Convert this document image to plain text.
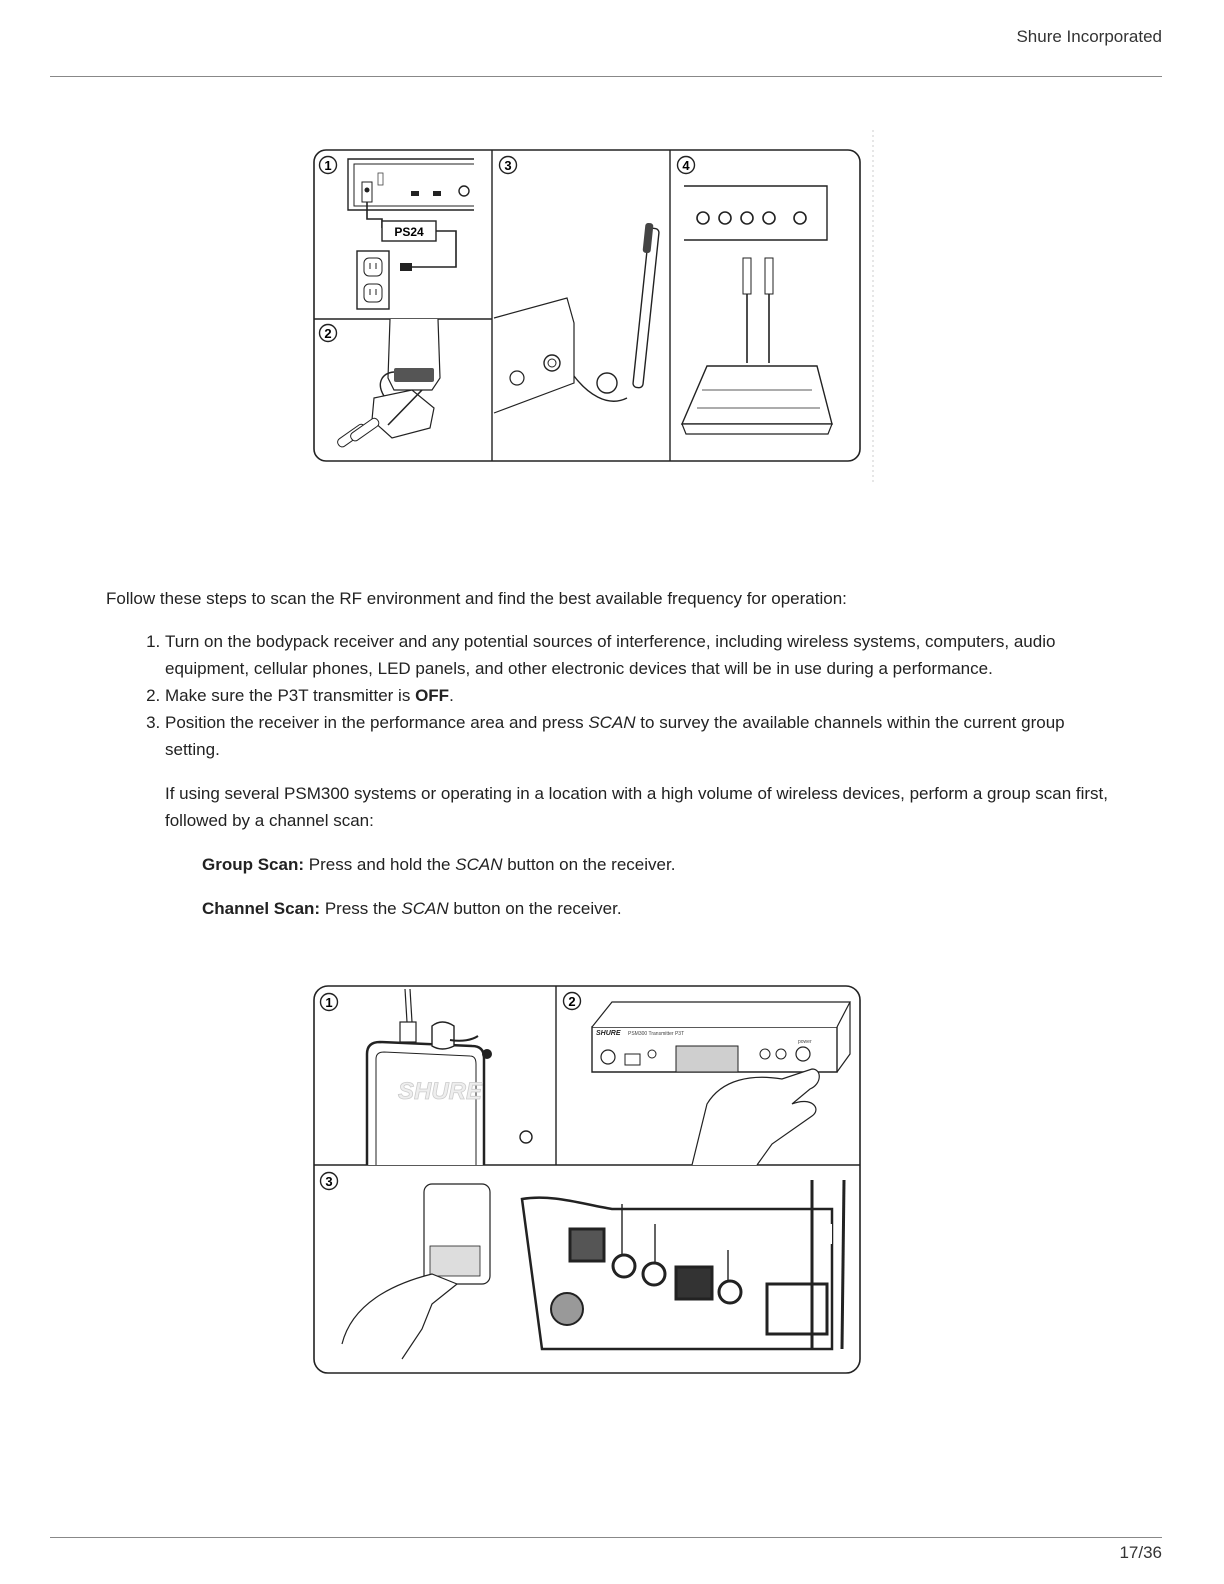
Shure Incorporated
1
PS24
2
3	4

Follow these steps to scan the RF environment and find the best available frequency for operation:

1. Turn on the bodypack receiver and any potential sources of interference, including wireless systems, computers, audio equipment, cellular phones, LED panels, and other electronic devices that will be in use during a performance.
2. Make sure the P3T transmitter is OFF.
3. Position the receiver in the performance area and press SCAN to survey the available channels within the current group setting.

If using several PSM300 systems or operating in a location with a high volume of wireless devices, perform a group scan first, followed by a channel scan:

Group Scan: Press and hold the SCAN button on the receiver.

Channel Scan: Press the SCAN button on the receiver.

1
SHURE
2
SHURE PSM300 Transmitter P3T
power
3
17/36
